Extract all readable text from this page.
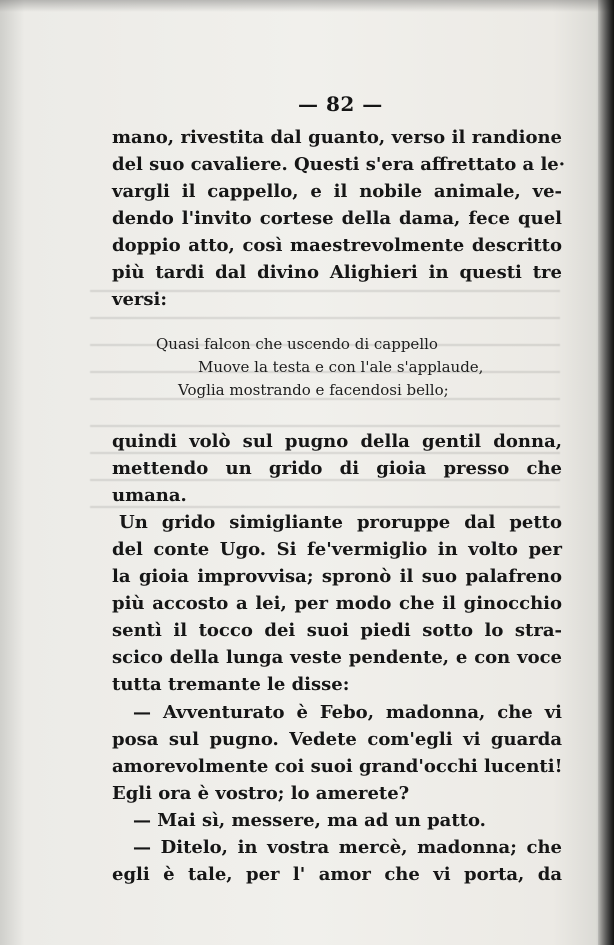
— 82 —
mano, rivestita dal guanto, verso il randione
del suo cavaliere. Questi s'era affrettato a le·
vargli il cappello, e il nobile animale, ve-
dendo l'invito cortese della dama, fece quel
doppio atto, così maestrevolmente descritto
più tardi dal divino Alighieri in questi tre
versi:
Quasi falcon che uscendo di cappello
Muove la testa e con l'ale s'applaude,
Voglia mostrando e facendosi bello;
quindi volò sul pugno della gentil donna,
mettendo un grido di gioia presso che
umana.
Un grido simigliante proruppe dal petto
del conte Ugo. Si fe'vermiglio in volto per
la gioia improvvisa; spronò il suo palafreno
più accosto a lei, per modo che il ginocchio
sentì il tocco dei suoi piedi sotto lo stra-
scico della lunga veste pendente, e con voce
tutta tremante le disse:
— Avventurato è Febo, madonna, che vi
posa sul pugno. Vedete com'egli vi guarda
amorevolmente coi suoi grand'occhi lucenti!
Egli ora è vostro; lo amerete?
— Mai sì, messere, ma ad un patto.
— Ditelo, in vostra mercè, madonna; che
egli è tale, per l' amor che vi porta, da
